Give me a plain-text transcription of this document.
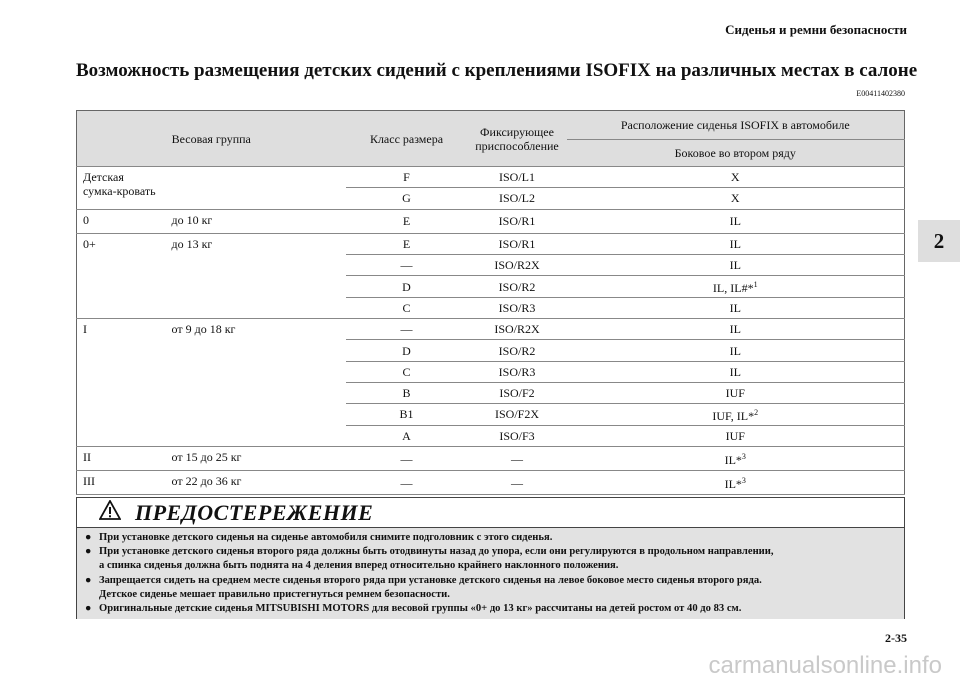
Сиденья и ремни безопасности
2
Возможность размещения детских сидений с креплениями ISOFIX на различных местах в салоне
E00411402380
Весовая группа		Класс размера	Фиксирующее приспособление	Расположение сиденья ISOFIX в автомобиле
				Боковое во втором ряду
Детская сумка-кровать		F	ISO/L1	X
		G	ISO/L2	X
0	до 10 кг	E	ISO/R1	IL
0+	до 13 кг	E	ISO/R1	IL
		—	ISO/R2X	IL
		D	ISO/R2	IL, IL#*$^1$
		C	ISO/R3	IL
I	от 9 до 18 кг	—	ISO/R2X	IL
		D	ISO/R2	IL
		C	ISO/R3	IL
		B	ISO/F2	IUF
		B1	ISO/F2X	IUF, IL*$^2$
		A	ISO/F3	IUF
II	от 15 до 25 кг	—	—	IL*$^3$
III	от 22 до 36 кг	—	—	IL*$^3$
ПРЕДОСТЕРЕЖЕНИЕ
● При установке детского сиденья на сиденье автомобиля снимите подголовник с этого сиденья.
● При установке детского сиденья второго ряда должны быть отодвинуты назад до упора, если они регулируются в продольном направлении,
а спинка сиденья должна быть поднята на 4 деления вперед относительно крайнего наклонного положения.
● Запрещается сидеть на среднем месте сиденья второго ряда при установке детского сиденья на левое боковое место сиденья второго ряда.
Детское сиденье мешает правильно пристегнуться ремнем безопасности.
● Оригинальные детские сиденья MITSUBISHI MOTORS для весовой группы «0+ до 13 кг» рассчитаны на детей ростом от 40 до 83 см.
2-35
carmanualsonline.info
